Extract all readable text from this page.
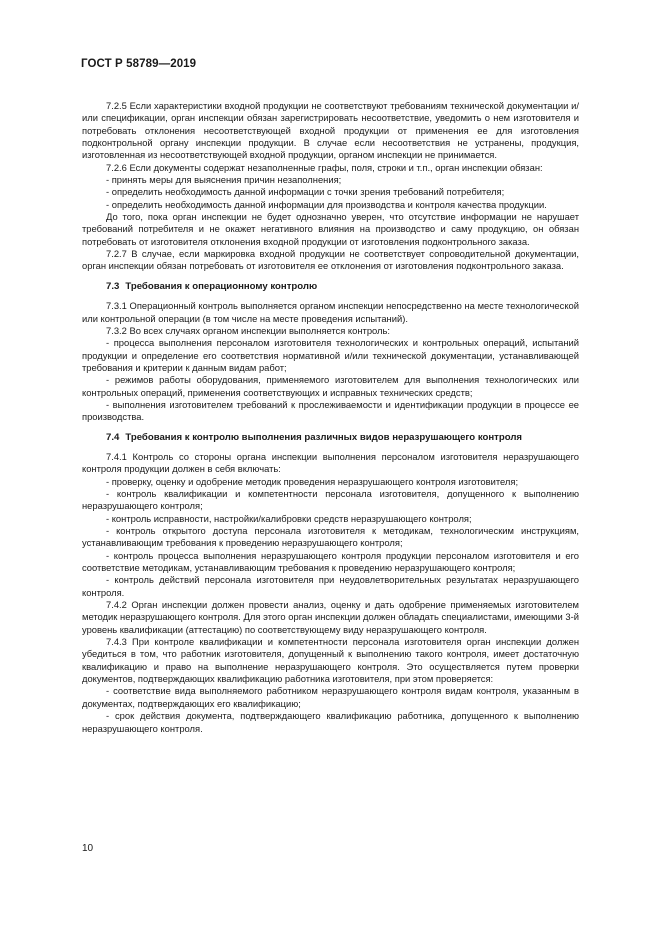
ГОСТ Р 58789—2019

7.2.5 Если характеристики входной продукции не соответствуют требованиям технической документации и/или спецификации, орган инспекции обязан зарегистрировать несоответствие, уведомить о нем изготовителя и потребовать отклонения несоответствующей входной продукции от применения ее для изготовления подконтрольной органу инспекции продукции. В случае если несоответствия не устранены, продукция, изготовленная из несоответствующей входной продукции, органом инспекции не принимается.

7.2.6 Если документы содержат незаполненные графы, поля, строки и т.п., орган инспекции обязан:

- принять меры для выяснения причин незаполнения;

- определить необходимость данной информации с точки зрения требований потребителя;

- определить необходимость данной информации для производства и контроля качества продукции.

До того, пока орган инспекции не будет однозначно уверен, что отсутствие информации не нарушает требований потребителя и не окажет негативного влияния на производство и саму продукцию, он обязан потребовать от изготовителя отклонения входной продукции от изготовления подконтрольного заказа.

7.2.7 В случае, если маркировка входной продукции не соответствует сопроводительной документации, орган инспекции обязан потребовать от изготовителя ее отклонения от изготовления подконтрольного заказа.

7.3 Требования к операционному контролю

7.3.1 Операционный контроль выполняется органом инспекции непосредственно на месте технологической или контрольной операции (в том числе на месте проведения испытаний).

7.3.2 Во всех случаях органом инспекции выполняется контроль:

- процесса выполнения персоналом изготовителя технологических и контрольных операций, испытаний продукции и определение его соответствия нормативной и/или технической документации, устанавливающей требования и критерии к данным видам работ;

- режимов работы оборудования, применяемого изготовителем для выполнения технологических или контрольных операций, применения соответствующих и исправных технических средств;

- выполнения изготовителем требований к прослеживаемости и идентификации продукции в процессе ее производства.

7.4 Требования к контролю выполнения различных видов неразрушающего контроля

7.4.1 Контроль со стороны органа инспекции выполнения персоналом изготовителя неразрушающего контроля продукции должен в себя включать:

- проверку, оценку и одобрение методик проведения неразрушающего контроля изготовителя;

- контроль квалификации и компетентности персонала изготовителя, допущенного к выполнению неразрушающего контроля;

- контроль исправности, настройки/калибровки средств неразрушающего контроля;

- контроль открытого доступа персонала изготовителя к методикам, технологическим инструкциям, устанавливающим требования к проведению неразрушающего контроля;

- контроль процесса выполнения неразрушающего контроля продукции персоналом изготовителя и его соответствие методикам, устанавливающим требования к проведению неразрушающего контроля;

- контроль действий персонала изготовителя при неудовлетворительных результатах неразрушающего контроля.

7.4.2 Орган инспекции должен провести анализ, оценку и дать одобрение применяемых изготовителем методик неразрушающего контроля. Для этого орган инспекции должен обладать специалистами, имеющими 3-й уровень квалификации (аттестацию) по соответствующему виду неразрушающего контроля.

7.4.3 При контроле квалификации и компетентности персонала изготовителя орган инспекции должен убедиться в том, что работник изготовителя, допущенный к выполнению такого контроля, имеет достаточную квалификацию и право на выполнение неразрушающего контроля. Это осуществляется путем проверки документов, подтверждающих квалификацию работника изготовителя, при этом проверяется:

- соответствие вида выполняемого работником неразрушающего контроля видам контроля, указанным в документах, подтверждающих его квалификацию;

- срок действия документа, подтверждающего квалификацию работника, допущенного к выполнению неразрушающего контроля.

10
